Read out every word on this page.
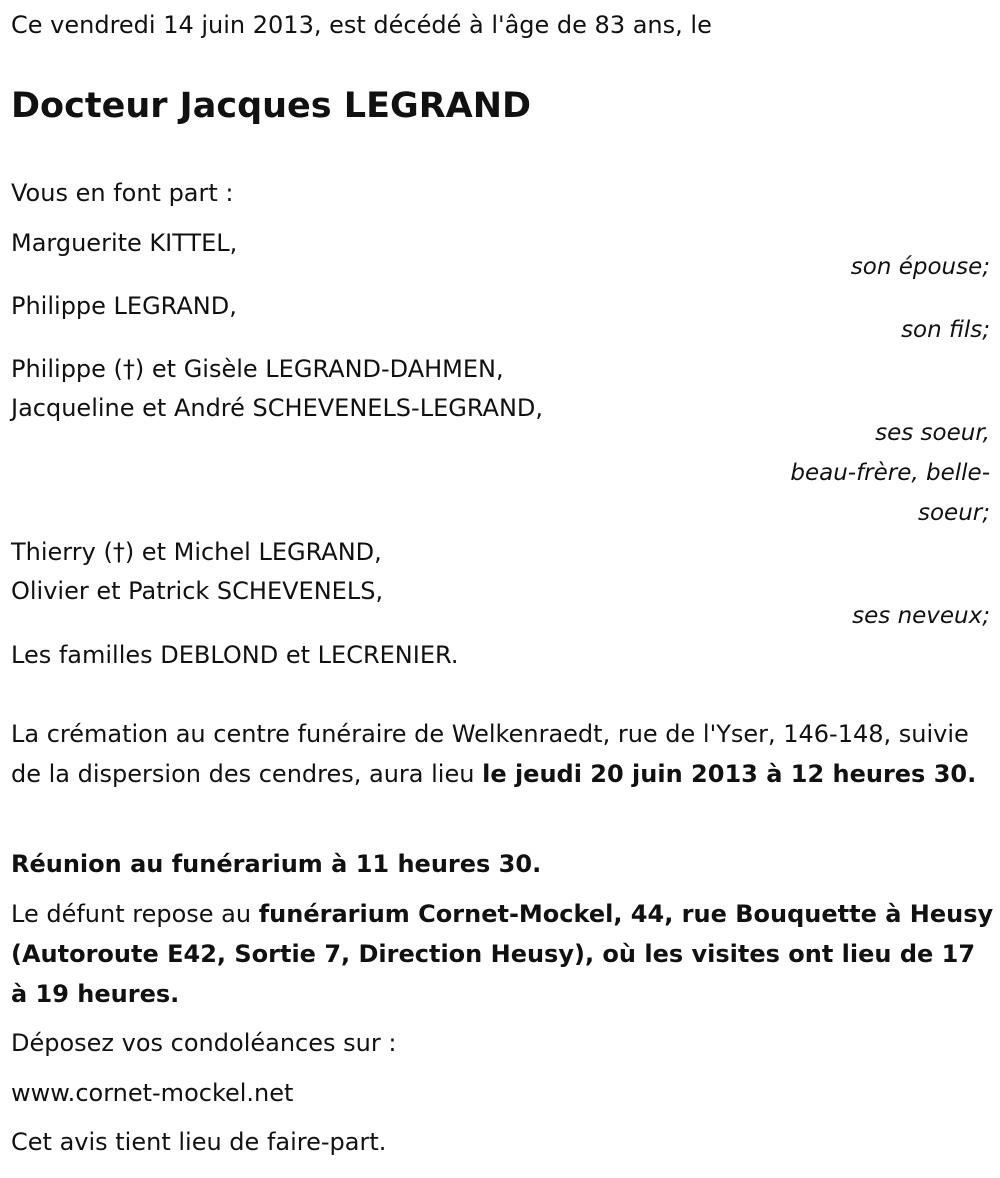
Ce vendredi 14 juin 2013, est décédé à l'âge de 83 ans, le
Docteur Jacques LEGRAND
Vous en font part :
Marguerite KITTEL,
son épouse;
Philippe LEGRAND,
son fils;
Philippe (†) et Gisèle LEGRAND-DAHMEN,
Jacqueline et André SCHEVENELS-LEGRAND,
ses soeur,
beau-frère, belle-
soeur;
Thierry (†) et Michel LEGRAND,
Olivier et Patrick SCHEVENELS,
ses neveux;
Les familles DEBLOND et LECRENIER.
La crémation au centre funéraire de Welkenraedt, rue de l'Yser, 146-148, suivie de la dispersion des cendres, aura lieu le jeudi 20 juin 2013 à 12 heures 30.
Réunion au funérarium à 11 heures 30.
Le défunt repose au funérarium Cornet-Mockel, 44, rue Bouquette à Heusy (Autoroute E42, Sortie 7, Direction Heusy), où les visites ont lieu de 17 à 19 heures.
Déposez vos condoléances sur :
www.cornet-mockel.net
Cet avis tient lieu de faire-part.
